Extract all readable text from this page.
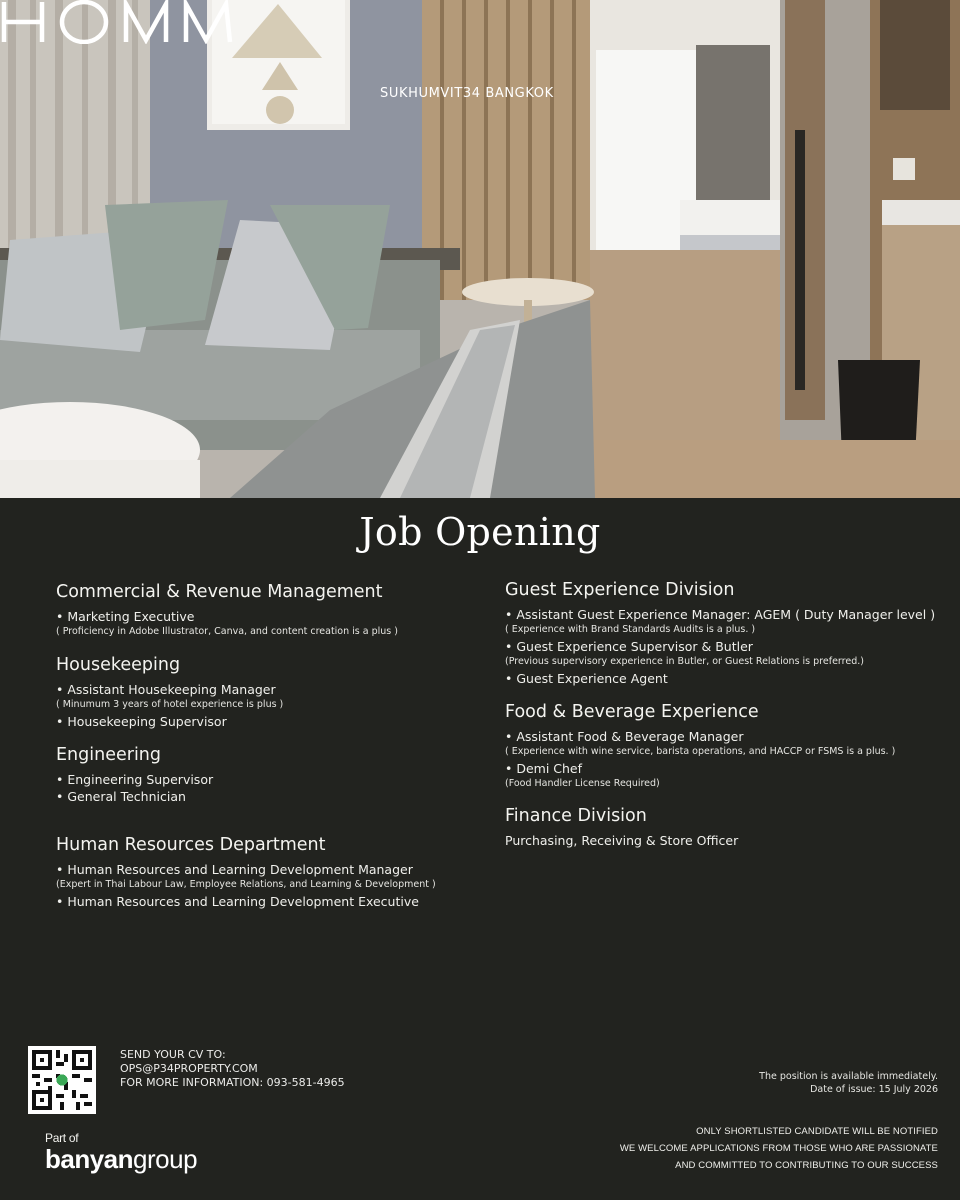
SUKHUMVIT34 BANGKOK
Job Opening
Commercial & Revenue Management
• Marketing Executive
( Proficiency in Adobe Illustrator, Canva, and content creation is a plus )
Housekeeping
• Assistant Housekeeping Manager
( Minumum 3 years of hotel experience is plus )
• Housekeeping Supervisor
Engineering
• Engineering Supervisor
• General Technician
Human Resources Department
• Human Resources and Learning Development Manager
(Expert in Thai Labour Law, Employee Relations, and Learning & Development )
• Human Resources and Learning Development Executive
Guest Experience Division
• Assistant Guest Experience Manager: AGEM ( Duty Manager level )
( Experience with Brand Standards Audits is a plus. )
• Guest Experience Supervisor & Butler
(Previous supervisory experience in Butler, or Guest Relations is preferred.)
• Guest Experience Agent
Food & Beverage Experience
• Assistant Food & Beverage Manager
( Experience with wine service, barista operations, and HACCP or FSMS is a plus. )
• Demi Chef
(Food Handler License Required)
Finance Division
Purchasing, Receiving & Store Officer
SEND YOUR CV TO:
OPS@P34PROPERTY.COM
FOR MORE INFORMATION: 093-581-4965	The position is available immediately.
Date of issue: 15 July 2026
ONLY SHORTLISTED CANDIDATE WILL BE NOTIFIED
WE WELCOME APPLICATIONS FROM THOSE WHO ARE PASSIONATE
AND COMMITTED TO CONTRIBUTING TO OUR SUCCESS
Part of
banyangroup
